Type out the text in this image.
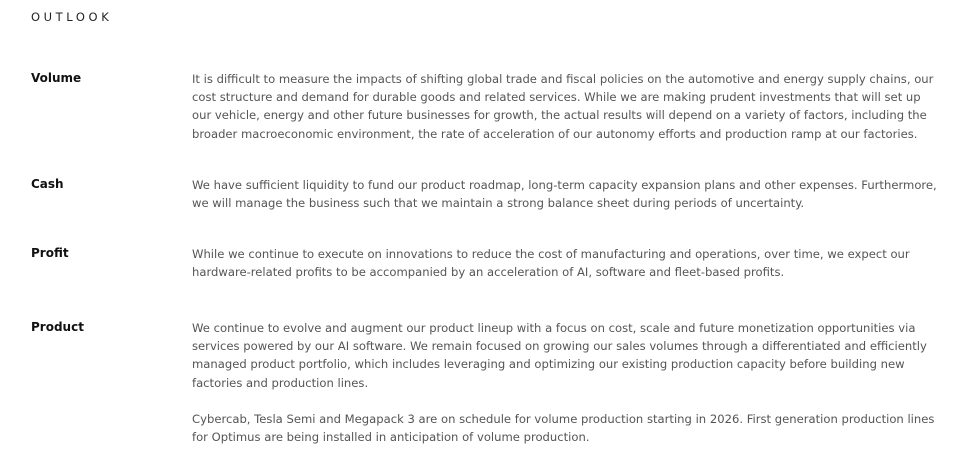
OUTLOOK
Volume	It is difficult to measure the impacts of shifting global trade and fiscal policies on the automotive and energy supply chains, our cost structure and demand for durable goods and related services. While we are making prudent investments that will set up our vehicle, energy and other future businesses for growth, the actual results will depend on a variety of factors, including the broader macroeconomic environment, the rate of acceleration of our autonomy efforts and production ramp at our factories.

Cash	We have sufficient liquidity to fund our product roadmap, long-term capacity expansion plans and other expenses. Furthermore, we will manage the business such that we maintain a strong balance sheet during periods of uncertainty.

Profit	While we continue to execute on innovations to reduce the cost of manufacturing and operations, over time, we expect our hardware-related profits to be accompanied by an acceleration of AI, software and fleet-based profits.

Product	We continue to evolve and augment our product lineup with a focus on cost, scale and future monetization opportunities via services powered by our AI software. We remain focused on growing our sales volumes through a differentiated and efficiently managed product portfolio, which includes leveraging and optimizing our existing production capacity before building new factories and production lines.

Cybercab, Tesla Semi and Megapack 3 are on schedule for volume production starting in 2026. First generation production lines for Optimus are being installed in anticipation of volume production.
